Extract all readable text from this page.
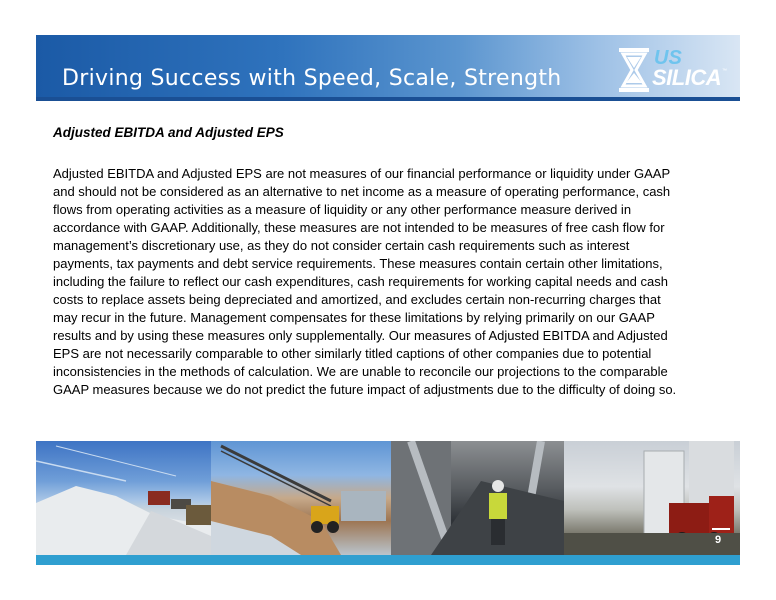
Driving Success with Speed, Scale, Strength
US
SILICA ™
Adjusted EBITDA and Adjusted EPS
Adjusted EBITDA and Adjusted EPS are not measures of our financial performance or liquidity under GAAP
and should not be considered as an alternative to net income as a measure of operating performance, cash
flows from operating activities as a measure of liquidity or any other performance measure derived in
accordance with GAAP. Additionally, these measures are not intended to be measures of free cash flow for
management’s discretionary use, as they do not consider certain cash requirements such as interest
payments, tax payments and debt service requirements. These measures contain certain other limitations,
including the failure to reflect our cash expenditures, cash requirements for working capital needs and cash
costs to replace assets being depreciated and amortized, and excludes certain non-recurring charges that
may recur in the future. Management compensates for these limitations by relying primarily on our GAAP
results and by using these measures only supplementally. Our measures of Adjusted EBITDA and Adjusted
EPS are not necessarily comparable to other similarly titled captions of other companies due to potential
inconsistencies in the methods of calculation. We are unable to reconcile our projections to the comparable
GAAP measures because we do not predict the future impact of adjustments due to the difficulty of doing so.
9
